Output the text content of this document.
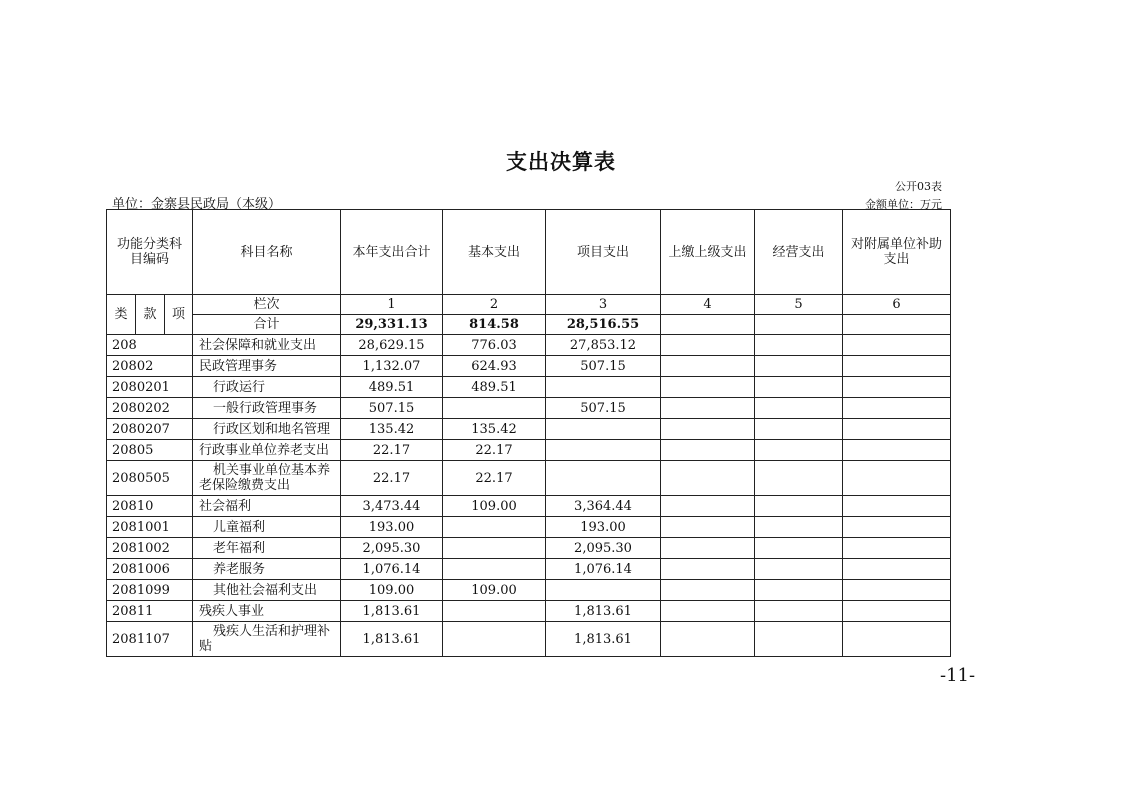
支出决算表
公开03表
单位：金寨县民政局（本级）	金额单位：万元
功能分类科目编码			科目名称	本年支出合计	基本支出	项目支出	上缴上级支出	经营支出	对附属单位补助支出
类	款	项	栏次	1	2	3	4	5	6
			合计	29,331.13	814.58	28,516.55			
208			社会保障和就业支出	28,629.15	776.03	27,853.12			
20802			民政管理事务	1,132.07	624.93	507.15			
2080201			行政运行	489.51	489.51				
2080202			一般行政管理事务	507.15		507.15			
2080207			行政区划和地名管理	135.42	135.42				
20805			行政事业单位养老支出	22.17	22.17				
2080505			机关事业单位基本养老保险缴费支出	22.17	22.17				
20810			社会福利	3,473.44	109.00	3,364.44			
2081001			儿童福利	193.00		193.00			
2081002			老年福利	2,095.30		2,095.30			
2081006			养老服务	1,076.14		1,076.14			
2081099			其他社会福利支出	109.00	109.00				
20811			残疾人事业	1,813.61		1,813.61			
2081107			残疾人生活和护理补贴	1,813.61		1,813.61			
-11-
